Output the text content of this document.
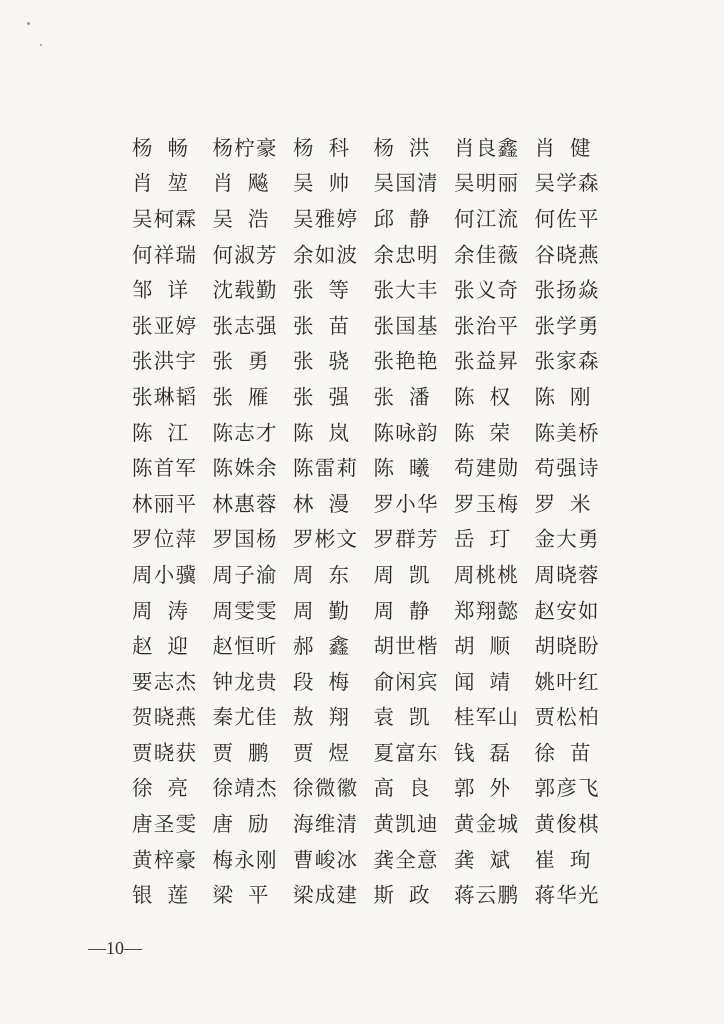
杨 畅 杨 柠 豪 杨 科 杨 洪 肖 良 鑫 肖 健
肖 堃 肖 飚 吴 帅 吴 国 清 吴 明 丽 吴 学 森
吴 柯 霖 吴 浩 吴 雅 婷 邱 静 何 江 流 何 佐 平
何 祥 瑞 何 淑 芳 余 如 波 余 忠 明 余 佳 薇 谷 晓 燕
邹 详 沈 载 勤 张 等 张 大 丰 张 义 奇 张 扬 焱
张 亚 婷 张 志 强 张 苗 张 国 基 张 治 平 张 学 勇
张 洪 宇 张 勇 张 骁 张 艳 艳 张 益 昇 张 家 森
张 琳 韬 张 雁 张 强 张 潘 陈 权 陈 刚
陈 江 陈 志 才 陈 岚 陈 咏 韵 陈 荣 陈 美 桥
陈 首 军 陈 姝 余 陈 雷 莉 陈 曦 苟 建 勋 苟 强 诗
林 丽 平 林 惠 蓉 林 漫 罗 小 华 罗 玉 梅 罗 米
罗 位 萍 罗 国 杨 罗 彬 文 罗 群 芳 岳 玎 金 大 勇
周 小 骥 周 子 渝 周 东 周 凯 周 桃 桃 周 晓 蓉
周 涛 周 雯 雯 周 勤 周 静 郑 翔 懿 赵 安 如
赵 迎 赵 恒 昕 郝 鑫 胡 世 楷 胡 顺 胡 晓 盼
要 志 杰 钟 龙 贵 段 梅 俞 闲 宾 闻 靖 姚 叶 红
贺 晓 燕 秦 尤 佳 敖 翔 袁 凯 桂 军 山 贾 松 柏
贾 晓 获 贾 鹏 贾 煜 夏 富 东 钱 磊 徐 苗
徐 亮 徐 靖 杰 徐 微 徽 高 良 郭 外 郭 彦 飞
唐 圣 雯 唐 励 海 维 清 黄 凯 迪 黄 金 城 黄 俊 棋
黄 梓 豪 梅 永 刚 曹 峻 冰 龚 全 意 龚 斌 崔 珣
银 莲 梁 平 梁 成 建 斯 政 蒋 云 鹏 蒋 华 光
—10—
